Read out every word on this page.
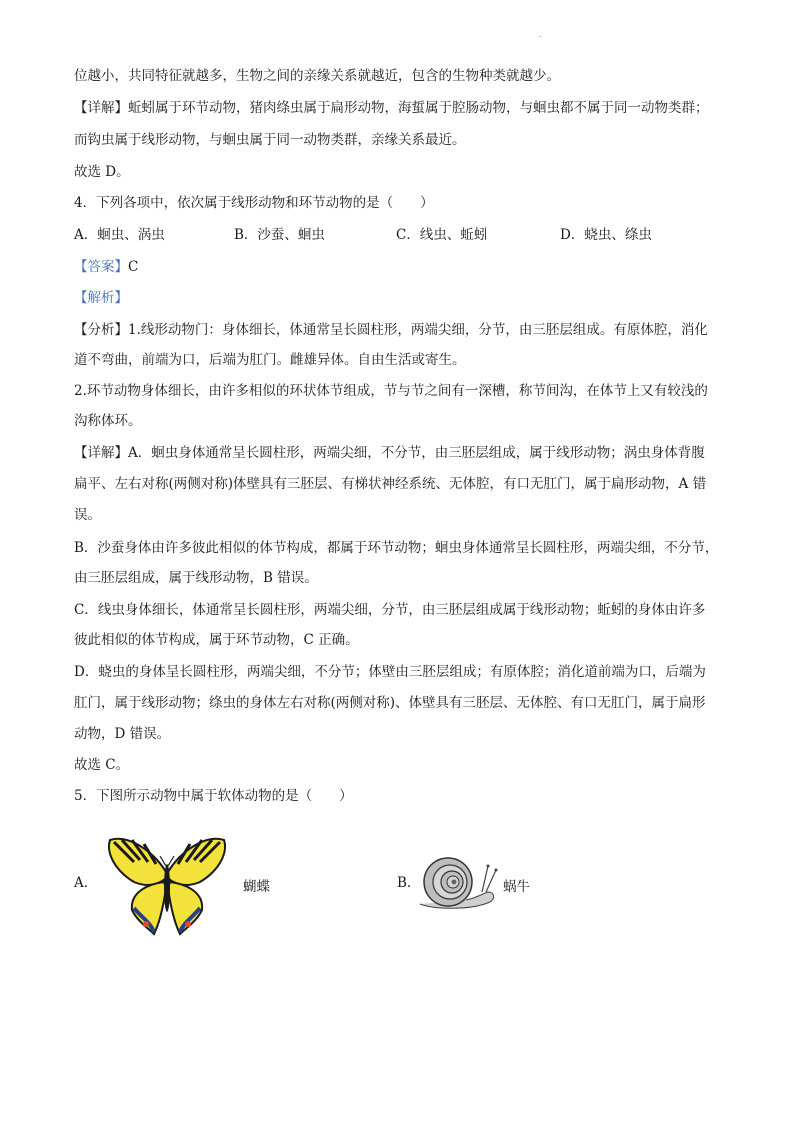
.
位越小，共同特征就越多，生物之间的亲缘关系就越近，包含的生物种类就越少。
【详解】蚯蚓属于环节动物，猪肉绦虫属于扁形动物，海蜇属于腔肠动物，与蛔虫都不属于同一动物类群；
而钩虫属于线形动物，与蛔虫属于同一动物类群，亲缘关系最近。
故选 D。
4．下列各项中，依次属于线形动物和环节动物的是（　　）
A．蛔虫、涡虫	B．沙蚕、蛔虫	C．线虫、蚯蚓	D．蛲虫、绦虫
【答案】C
【解析】
【分析】1.线形动物门：身体细长，体通常呈长圆柱形，两端尖细，分节，由三胚层组成。有原体腔，消化
道不弯曲，前端为口，后端为肛门。雌雄异体。自由生活或寄生。
2.环节动物身体细长，由许多相似的环状体节组成，节与节之间有一深槽，称节间沟，在体节上又有较浅的
沟称体环。
【详解】A．蛔虫身体通常呈长圆柱形，两端尖细，不分节，由三胚层组成，属于线形动物；涡虫身体背腹
扁平、左右对称(两侧对称)体壁具有三胚层、有梯状神经系统、无体腔，有口无肛门，属于扁形动物，A 错
误。
B．沙蚕身体由许多彼此相似的体节构成，都属于环节动物；蛔虫身体通常呈长圆柱形，两端尖细，不分节，
由三胚层组成，属于线形动物，B 错误。
C．线虫身体细长，体通常呈长圆柱形，两端尖细，分节，由三胚层组成属于线形动物；蚯蚓的身体由许多
彼此相似的体节构成，属于环节动物，C 正确。
D．蛲虫的身体呈长圆柱形，两端尖细，不分节；体壁由三胚层组成；有原体腔；消化道前端为口，后端为
肛门，属于线形动物；绦虫的身体左右对称(两侧对称)、体壁具有三胚层、无体腔、有口无肛门，属于扁形
动物，D 错误。
故选 C。
5．下图所示动物中属于软体动物的是（　　）
A.	蝴蝶	B.	蜗牛
